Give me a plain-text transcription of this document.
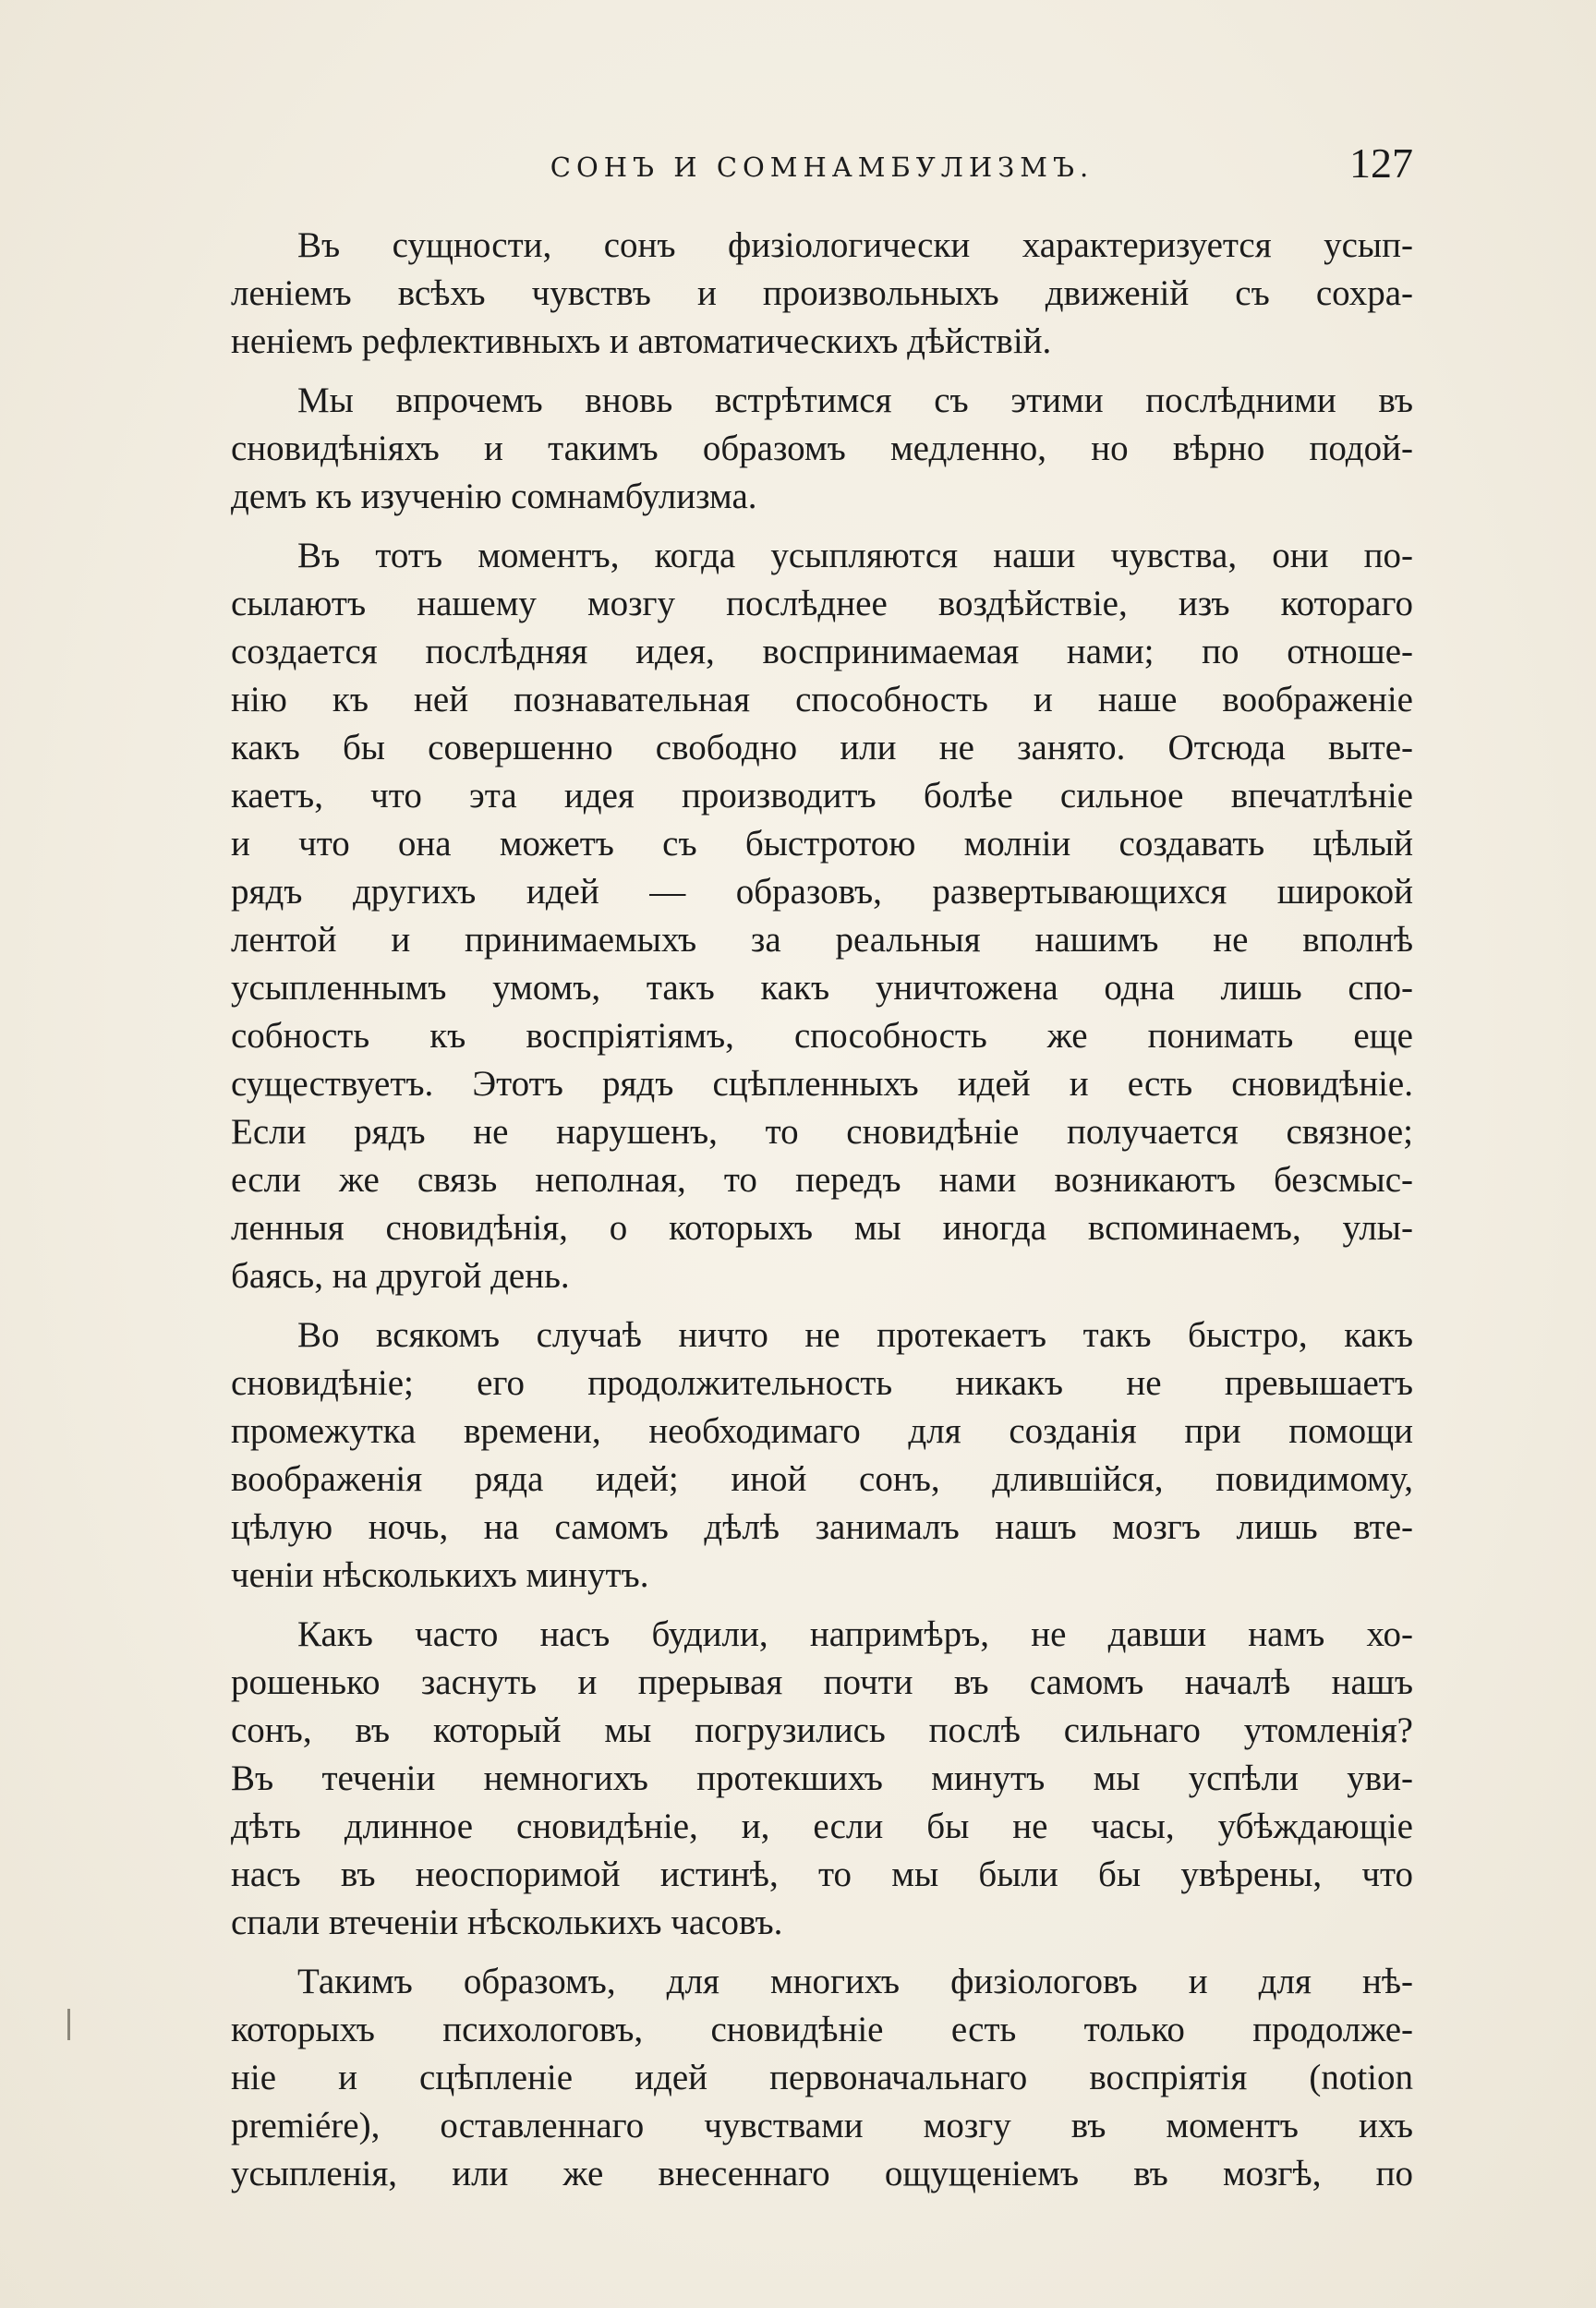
СОНЪ И СОМНАМБУЛИЗМЪ.	127
Въ сущности, сонъ физiологически характеризуется усып-
ленiемъ всѣхъ чувствъ и произвольныхъ движенiй съ сохра-
ненiемъ рефлективныхъ и автоматическихъ дѣйствiй.
Мы впрочемъ вновь встрѣтимся съ этими послѣдними въ
сновидѣнiяхъ и такимъ образомъ медленно, но вѣрно подой-
демъ къ изученiю сомнамбулизма.
Въ тотъ моментъ, когда усыпляются наши чувства, они по-
сылаютъ нашему мозгу послѣднее воздѣйствiе, изъ котораго
создается послѣдняя идея, воспринимаемая нами; по отноше-
нiю къ ней познавательная способность и наше воображенiе
какъ бы совершенно свободно или не занято. Отсюда выте-
каетъ, что эта идея производитъ болѣе сильное впечатлѣнiе
и что она можетъ съ быстротою молнiи создавать цѣлый
рядъ другихъ идей — образовъ, развертывающихся широкой
лентой и принимаемыхъ за реальныя нашимъ не вполнѣ
усыпленнымъ умомъ, такъ какъ уничтожена одна лишь спо-
собность къ воспрiятiямъ, способность же понимать еще
существуетъ. Этотъ рядъ сцѣпленныхъ идей и есть сновидѣнiе.
Если рядъ не нарушенъ, то сновидѣнiе получается связное;
если же связь неполная, то передъ нами возникаютъ безсмыс-
ленныя сновидѣнiя, о которыхъ мы иногда вспоминаемъ, улы-
баясь, на другой день.
Во всякомъ случаѣ ничто не протекаетъ такъ быстро, какъ
сновидѣнiе; его продолжительность никакъ не превышаетъ
промежутка времени, необходимаго для созданiя при помощи
воображенiя ряда идей; иной сонъ, длившiйся, повидимому,
цѣлую ночь, на самомъ дѣлѣ занималъ нашъ мозгъ лишь вте-
ченiи нѣсколькихъ минутъ.
Какъ часто насъ будили, напримѣръ, не давши намъ хо-
рошенько заснуть и прерывая почти въ самомъ началѣ нашъ
сонъ, въ который мы погрузились послѣ сильнаго утомленiя?
Въ теченiи немногихъ протекшихъ минутъ мы успѣли уви-
дѣть длинное сновидѣнiе, и, если бы не часы, убѣждающiе
насъ въ неоспоримой истинѣ, то мы были бы увѣрены, что
спали втеченiи нѣсколькихъ часовъ.
Такимъ образомъ, для многихъ физiологовъ и для нѣ-
которыхъ психологовъ, сновидѣнiе есть только продолже-
нiе и сцѣпленiе идей первоначальнаго воспрiятiя (notion
premiére), оставленнаго чувствами мозгу въ моментъ ихъ
усыпленiя, или же внесеннаго ощущенiемъ въ мозгѣ, по
